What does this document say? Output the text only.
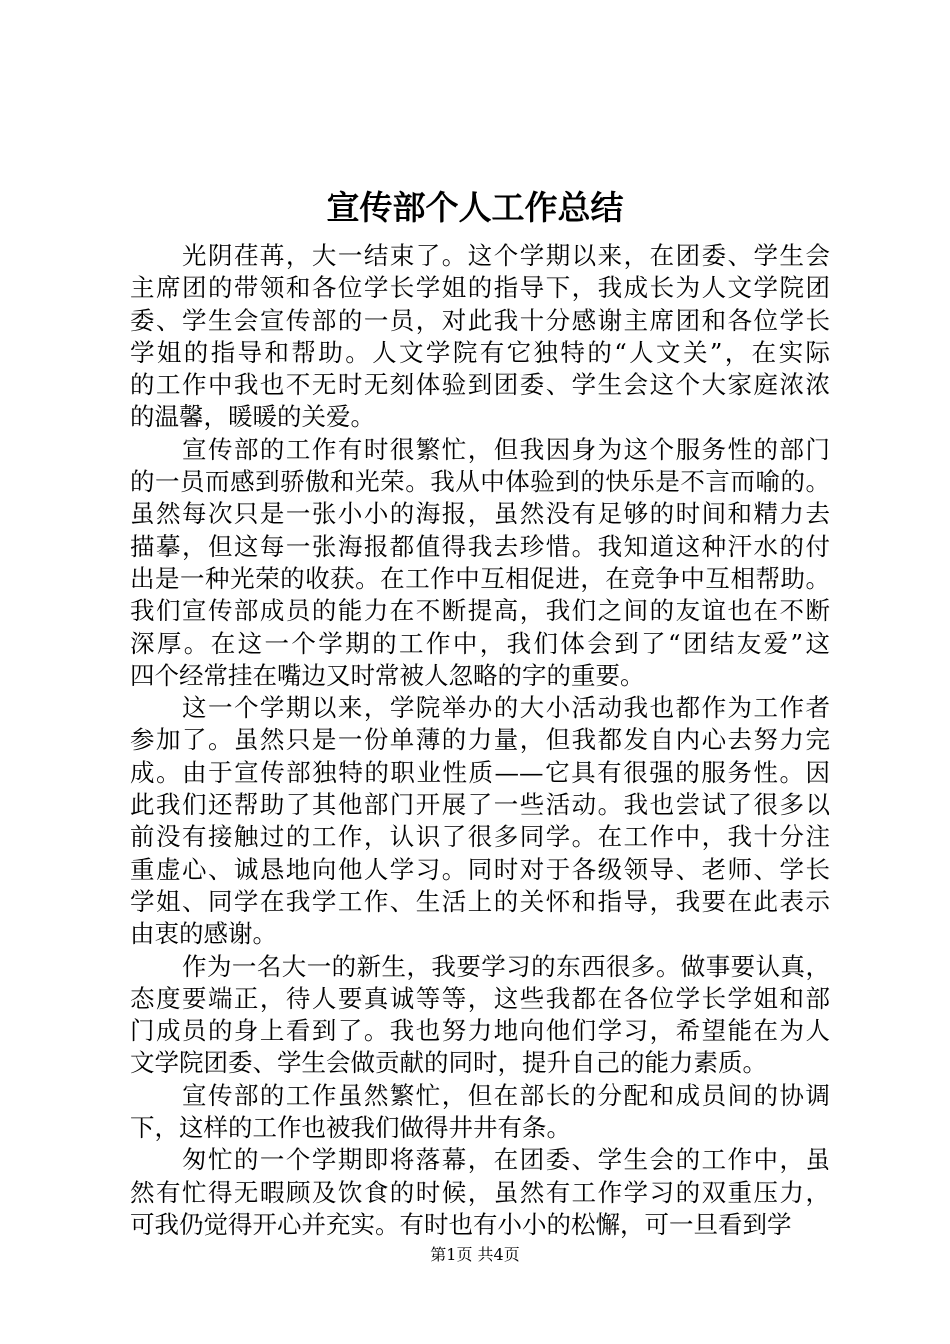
宣传部个人工作总结
光阴荏苒，大一结束了。这个学期以来，在团委、学生会
主席团的带领和各位学长学姐的指导下，我成长为人文学院团
委、学生会宣传部的一员，对此我十分感谢主席团和各位学长
学姐的指导和帮助。人文学院有它独特的“人文关”，在实际
的工作中我也不无时无刻体验到团委、学生会这个大家庭浓浓
的温馨，暖暖的关爱。
宣传部的工作有时很繁忙，但我因身为这个服务性的部门
的一员而感到骄傲和光荣。我从中体验到的快乐是不言而喻的。
虽然每次只是一张小小的海报，虽然没有足够的时间和精力去
描摹，但这每一张海报都值得我去珍惜。我知道这种汗水的付
出是一种光荣的收获。在工作中互相促进，在竞争中互相帮助。
我们宣传部成员的能力在不断提高，我们之间的友谊也在不断
深厚。在这一个学期的工作中，我们体会到了“团结友爱”这
四个经常挂在嘴边又时常被人忽略的字的重要。
这一个学期以来，学院举办的大小活动我也都作为工作者
参加了。虽然只是一份单薄的力量，但我都发自内心去努力完
成。由于宣传部独特的职业性质——它具有很强的服务性。因
此我们还帮助了其他部门开展了一些活动。我也尝试了很多以
前没有接触过的工作，认识了很多同学。在工作中，我十分注
重虚心、诚恳地向他人学习。同时对于各级领导、老师、学长
学姐、同学在我学工作、生活上的关怀和指导，我要在此表示
由衷的感谢。
作为一名大一的新生，我要学习的东西很多。做事要认真，
态度要端正，待人要真诚等等，这些我都在各位学长学姐和部
门成员的身上看到了。我也努力地向他们学习，希望能在为人
文学院团委、学生会做贡献的同时，提升自己的能力素质。
宣传部的工作虽然繁忙，但在部长的分配和成员间的协调
下，这样的工作也被我们做得井井有条。
匆忙的一个学期即将落幕，在团委、学生会的工作中，虽
然有忙得无暇顾及饮食的时候，虽然有工作学习的双重压力，
可我仍觉得开心并充实。有时也有小小的松懈，可一旦看到学
第1页 共4页
